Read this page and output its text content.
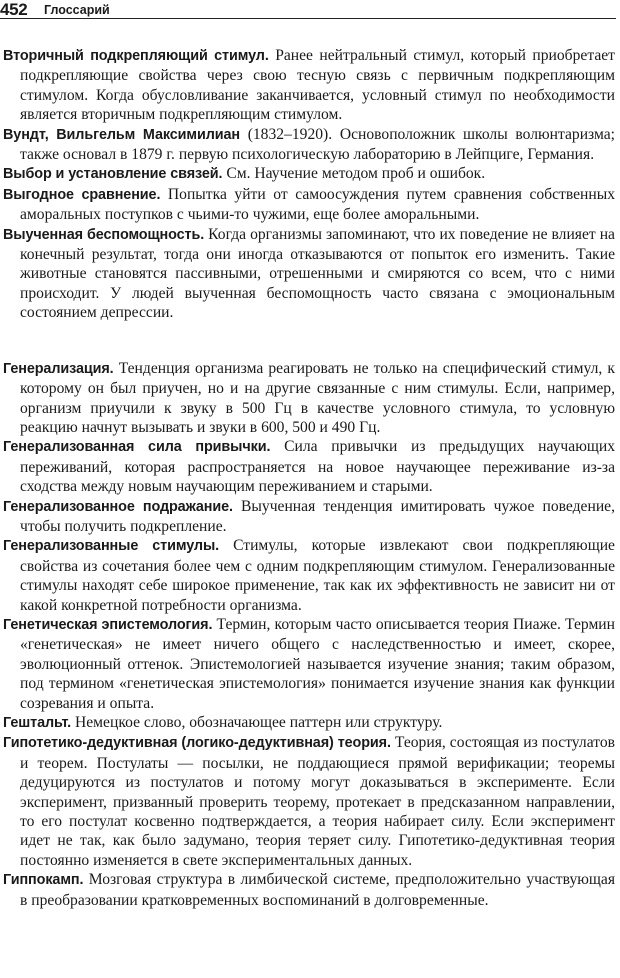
452 Глоссарий

Вторичный подкрепляющий стимул. Ранее нейтральный стимул, который приобретает подкрепляющие свойства через свою тесную связь с первичным подкрепляющим стимулом. Когда обусловливание заканчивается, условный стимул по необходимости является вторичным подкрепляющим стимулом.

Вундт, Вильгельм Максимилиан (1832–1920). Основоположник школы волюнтаризма; также основал в 1879 г. первую психологическую лабораторию в Лейпциге, Германия.

Выбор и установление связей. См. Научение методом проб и ошибок.

Выгодное сравнение. Попытка уйти от самоосуждения путем сравнения собственных аморальных поступков с чьими-то чужими, еще более аморальными.

Выученная беспомощность. Когда организмы запоминают, что их поведение не влияет на конечный результат, тогда они иногда отказываются от попыток его изменить. Такие животные становятся пассивными, отрешенными и смиряются со всем, что с ними происходит. У людей выученная беспомощность часто связана с эмоциональным состоянием депрессии.

Генерализация. Тенденция организма реагировать не только на специфический стимул, к которому он был приучен, но и на другие связанные с ним стимулы. Если, например, организм приучили к звуку в 500 Гц в качестве условного стимула, то условную реакцию начнут вызывать и звуки в 600, 500 и 490 Гц.

Генерализованная сила привычки. Сила привычки из предыдущих научающих переживаний, которая распространяется на новое научающее переживание из-за сходства между новым научающим переживанием и старыми.

Генерализованное подражание. Выученная тенденция имитировать чужое поведение, чтобы получить подкрепление.

Генерализованные стимулы. Стимулы, которые извлекают свои подкрепляющие свойства из сочетания более чем с одним подкрепляющим стимулом. Генерализованные стимулы находят себе широкое применение, так как их эффективность не зависит ни от какой конкретной потребности организма.

Генетическая эпистемология. Термин, которым часто описывается теория Пиаже. Термин «генетическая» не имеет ничего общего с наследственностью и имеет, скорее, эволюционный оттенок. Эпистемологией называется изучение знания; таким образом, под термином «генетическая эпистемология» понимается изучение знания как функции созревания и опыта.

Гештальт. Немецкое слово, обозначающее паттерн или структуру.

Гипотетико-дедуктивная (логико-дедуктивная) теория. Теория, состоящая из постулатов и теорем. Постулаты — посылки, не поддающиеся прямой верификации; теоремы дедуцируются из постулатов и потому могут доказываться в эксперименте. Если эксперимент, призванный проверить теорему, протекает в предсказанном направлении, то его постулат косвенно подтверждается, а теория набирает силу. Если эксперимент идет не так, как было задумано, теория теряет силу. Гипотетико-дедуктивная теория постоянно изменяется в свете экспериментальных данных.

Гиппокамп. Мозговая структура в лимбической системе, предположительно участвующая в преобразовании кратковременных воспоминаний в долговременные.
